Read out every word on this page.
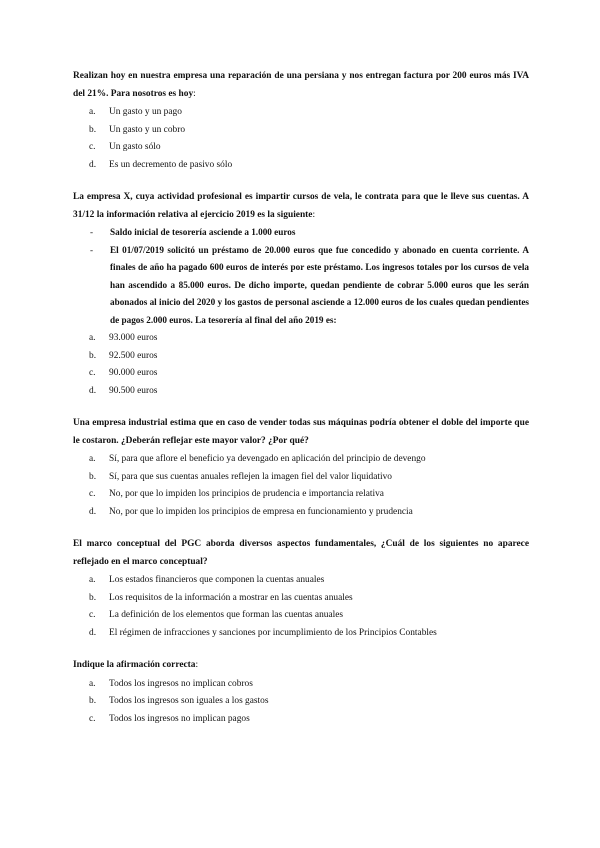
Realizan hoy en nuestra empresa una reparación de una persiana y nos entregan factura por 200 euros más IVA del 21%. Para nosotros es hoy:

a. Un gasto y un pago
b. Un gasto y un cobro
c. Un gasto sólo
d. Es un decremento de pasivo sólo

La empresa X, cuya actividad profesional es impartir cursos de vela, le contrata para que le lleve sus cuentas. A 31/12 la información relativa al ejercicio 2019 es la siguiente:

- Saldo inicial de tesorería asciende a 1.000 euros
- El 01/07/2019 solicitó un préstamo de 20.000 euros que fue concedido y abonado en cuenta corriente. A finales de año ha pagado 600 euros de interés por este préstamo. Los ingresos totales por los cursos de vela han ascendido a 85.000 euros. De dicho importe, quedan pendiente de cobrar 5.000 euros que les serán abonados al inicio del 2020 y los gastos de personal asciende a 12.000 euros de los cuales quedan pendientes de pagos 2.000 euros. La tesorería al final del año 2019 es:
a. 93.000 euros
b. 92.500 euros
c. 90.000 euros
d. 90.500 euros

Una empresa industrial estima que en caso de vender todas sus máquinas podría obtener el doble del importe que le costaron. ¿Deberán reflejar este mayor valor? ¿Por qué?

a. Sí, para que aflore el beneficio ya devengado en aplicación del principio de devengo
b. Sí, para que sus cuentas anuales reflejen la imagen fiel del valor liquidativo
c. No, por que lo impiden los principios de prudencia e importancia relativa
d. No, por que lo impiden los principios de empresa en funcionamiento y prudencia

El marco conceptual del PGC aborda diversos aspectos fundamentales, ¿Cuál de los siguientes no aparece reflejado en el marco conceptual?

a. Los estados financieros que componen la cuentas anuales
b. Los requisitos de la información a mostrar en las cuentas anuales
c. La definición de los elementos que forman las cuentas anuales
d. El régimen de infracciones y sanciones por incumplimiento de los Principios Contables

Indique la afirmación correcta:

a. Todos los ingresos no implican cobros
b. Todos los ingresos son iguales a los gastos
c. Todos los ingresos no implican pagos
